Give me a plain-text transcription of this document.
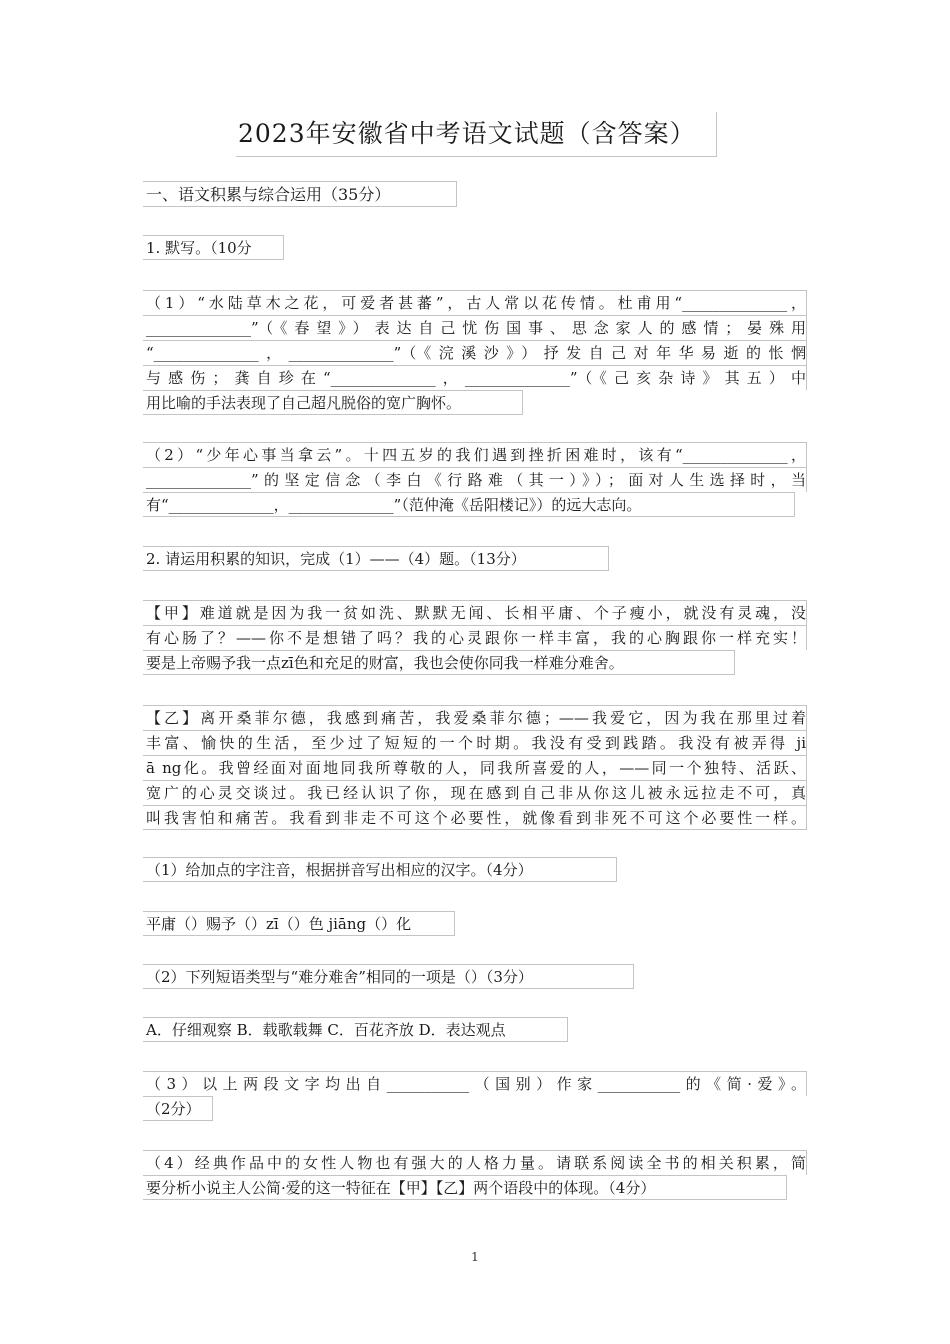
2023年安徽省中考语文试题（含答案）
一、语文积累与综合运用（35分）
1. 默写。（10分
（1）“水陆草木之花，可爱者甚蕃”，古人常以花传情。杜甫用“______________，
______________”（《春望》）表达自己忧伤国事、思念家人的感情；晏殊用
“______________，______________”（《浣溪沙》）抒发自己对年华易逝的怅惘
与感伤；龚自珍在“______________，______________”（《己亥杂诗》其五）中
用比喻的手法表现了自己超凡脱俗的宽广胸怀。
（2）“少年心事当拿云”。十四五岁的我们遇到挫折困难时，该有“______________，
______________”的坚定信念（李白《行路难（其一）》）；面对人生选择时，当
有“______________，______________”（范仲淹《岳阳楼记》）的远大志向。
2. 请运用积累的知识，完成（1）——（4）题。（13分）
【甲】难道就是因为我一贫如洗、默默无闻、长相平庸、个子瘦小，就没有灵魂，没
有心肠了？——你不是想错了吗？我的心灵跟你一样丰富，我的心胸跟你一样充实！
要是上帝赐予我一点zī色和充足的财富，我也会使你同我一样难分难舍。
【乙】离开桑菲尔德，我感到痛苦，我爱桑菲尔德；——我爱它，因为我在那里过着
丰富、愉快的生活，至少过了短短的一个时期。我没有受到践踏。我没有被弄得 ji
ā ng化。我曾经面对面地同我所尊敬的人，同我所喜爱的人，——同一个独特、活跃、
宽广的心灵交谈过。我已经认识了你，现在感到自己非从你这儿被永远拉走不可，真
叫我害怕和痛苦。我看到非走不可这个必要性，就像看到非死不可这个必要性一样。
（1）给加点的字注音，根据拼音写出相应的汉字。（4分）
平庸（）赐予（）zī（）色 jiāng（）化
（2）下列短语类型与“难分难舍”相同的一项是（）（3分）
A．仔细观察 B．载歌载舞 C．百花齐放 D．表达观点
（3）以上两段文字均出自___________（国别）作家___________的《简·爱》。
（2分）
（4）经典作品中的女性人物也有强大的人格力量。请联系阅读全书的相关积累，简
要分析小说主人公简·爱的这一特征在【甲】【乙】两个语段中的体现。（4分）
1
